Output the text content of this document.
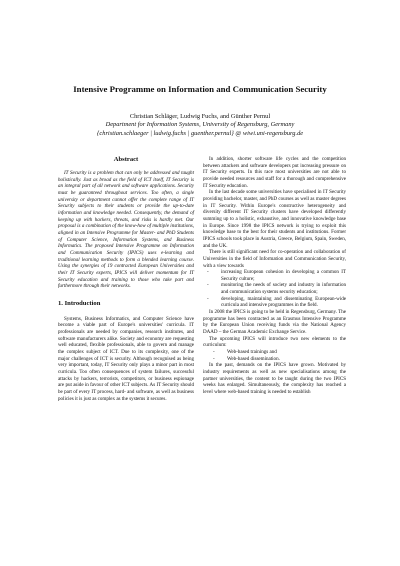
Intensive Programme on Information and Communication Security
Christian Schläger, Ludwig Fuchs, and Günther Pernul
Department for Information Systems, University of Regensburg, Germany
{christian.schlaeger | ludwig.fuchs | guenther.pernul} @ wiwi.uni-regensburg.de
Abstract

IT Security is a problem that can only be addressed and taught holistically. Just as broad as the field of ICT itself, IT Security is an integral part of all network and software applications. Security must be guaranteed throughout services. Too often, a single university or department cannot offer the complete range of IT Security subjects to their students or provide the up-to-date information and knowledge needed. Consequently, the demand of keeping up with hackers, threats, and risks is hardly met. Our proposal is a combination of the know-how of multiple institutions, aligned in an Intensive Programme for Master- and PhD Students of Computer Science, Information Systems, and Business Informatics. The proposed Intensive Programme on Information and Communication Security (IPICS) uses e-learning and traditional learning methods to form a blended learning course. Using the synergies of 19 contracted European Universities and their IT Security experts, IPICS will deliver momentum for IT Security education and training to those who take part and furthermore through their networks.

1. Introduction

Systems, Business Informatics, and Computer Science have become a viable part of Europe's universities' curricula. IT professionals are needed by companies, research institutes, and software manufacturers alike. Society and economy are requesting well educated, flexible professionals, able to govern and manage the complex subject of ICT. Due to its complexity, one of the major challenges of ICT is security. Although recognised as being very important, today, IT Security only plays a minor part in most curricula. Too often consequences of system failures, successful attacks by hackers, terrorists, competitors, or business espionage are put aside in favour of other ICT subjects. As IT Security should be part of every IT process, hard- and software, as well as business policies it is just as complex as the systems it secures.

In addition, shorter software life cycles and the competition between attackers and software developers put increasing pressure on IT Security experts. In this race most universities are not able to provide needed resources and staff for a thorough and comprehensive IT Security education.

In the last decade some universities have specialised in IT Security providing bachelor, master, and PhD courses as well as master degrees in IT Security. Within Europe's constructive heterogeneity and diversity different IT Security clusters have developed differently summing up to a holistic, exhaustive, and innovative knowledge base in Europe. Since 1998 the IPICS network is trying to exploit this knowledge base to the best for their students and institutions. Former IPICS schools took place in Austria, Greece, Belgium, Spain, Sweden, and the UK.

There is still significant need for co-operation and collaboration of Universities in the field of Information and Communication Security, with a view towards

- increasing European cohesion in developing a common IT Security culture;
- monitoring the needs of society and industry in information and communication systems security education;
- developing, maintaining and disseminating European-wide curricula and intensive programmes in the field.

In 2008 the IPICS is going to be held in Regensburg, Germany. The programme has been contracted as an Erasmus Intensive Programme by the European Union receiving funds via the National Agency DAAD – the German Academic Exchange Service.

The upcoming IPICS will introduce two new elements to the curriculum:

- Web-based trainings and
- Web-based dissemination.

In the past, demands on the IPICS have grown. Motivated by industry requirements as well as new specialisations among the partner universities, the content to be taught during the two IPICS weeks has enlarged. Simultaneously, the complexity has reached a level where web-based training is needed to establish
